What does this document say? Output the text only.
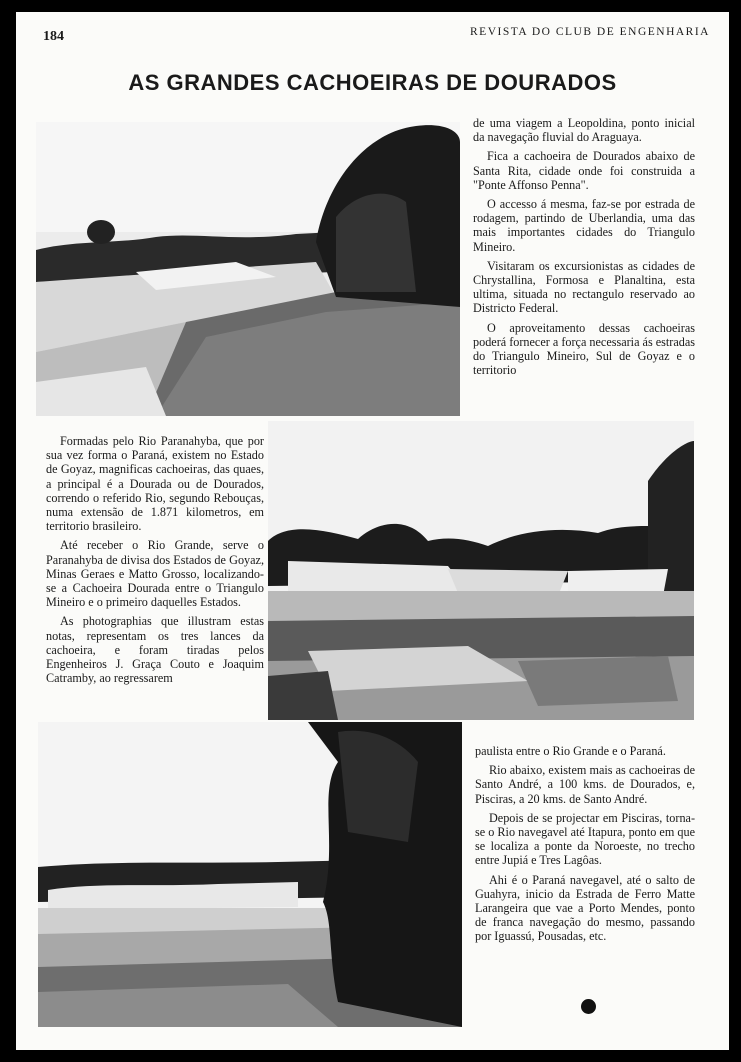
184	REVISTA DO CLUB DE ENGENHARIA
AS GRANDES CACHOEIRAS DE DOURADOS

de uma viagem a Leopoldina, ponto inicial da navegação fluvial do Araguaya.

Fica a cachoeira de Dourados abaixo de Santa Rita, cidade onde foi construida a "Ponte Affonso Penna".

O accesso á mesma, faz-se por estrada de rodagem, partindo de Uberlandia, uma das mais importantes cidades do Triangulo Mineiro.

Visitaram os excursionistas as cidades de Chrystallina, Formosa e Planaltina, esta ultima, situada no rectangulo reservado ao Districto Federal.

O aproveitamento dessas cachoeiras poderá fornecer a força necessaria ás estradas do Triangulo Mineiro, Sul de Goyaz e o territorio

Formadas pelo Rio Paranahyba, que por sua vez forma o Paraná, existem no Estado de Goyaz, magnificas cachoeiras, das quaes, a principal é a Dourada ou de Dourados, correndo o referido Rio, segundo Rebouças, numa extensão de 1.871 kilometros, em territorio brasileiro.

Até receber o Rio Grande, serve o Paranahyba de divisa dos Estados de Goyaz, Minas Geraes e Matto Grosso, localizando-se a Cachoeira Dourada entre o Triangulo Mineiro e o primeiro daquelles Estados.

As photographias que illustram estas notas, representam os tres lances da cachoeira, e foram tiradas pelos Engenheiros J. Graça Couto e Joaquim Catramby, ao regressarem

paulista entre o Rio Grande e o Paraná.

Rio abaixo, existem mais as cachoeiras de Santo André, a 100 kms. de Dourados, e, Pisciras, a 20 kms. de Santo André.

Depois de se projectar em Pisciras, torna-se o Rio navegavel até Itapura, ponto em que se localiza a ponte da Noroeste, no trecho entre Jupiá e Tres Lagôas.

Ahi é o Paraná navegavel, até o salto de Guahyra, inicio da Estrada de Ferro Matte Larangeira que vae a Porto Mendes, ponto de franca navegação do mesmo, passando por Iguassú, Pousadas, etc.
